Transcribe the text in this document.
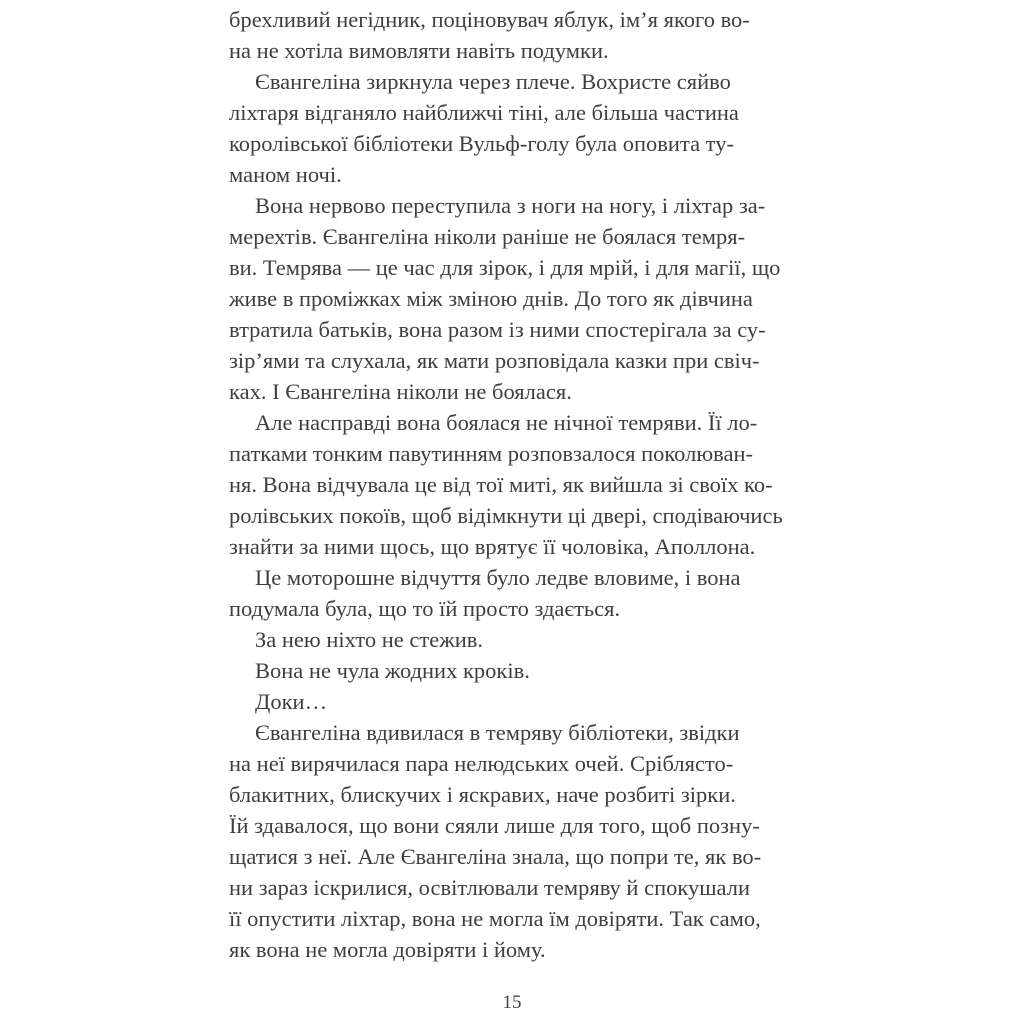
брехливий негідник, поціновувач яблук, ім’я якого во-
на не хотіла вимовляти навіть подумки.
Євангеліна зиркнула через плече. Вохристе сяйво
ліхтаря відганяло найближчі тіні, але більша частина
королівської бібліотеки Вульф-голу була оповита ту-
маном ночі.
Вона нервово переступила з ноги на ногу, і ліхтар за-
мерехтів. Євангеліна ніколи раніше не боялася темря-
ви. Темрява — це час для зірок, і для мрій, і для магії, що
живе в проміжках між зміною днів. До того як дівчина
втратила батьків, вона разом із ними спостерігала за су-
зір’ями та слухала, як мати розповідала казки при свіч-
ках. І Євангеліна ніколи не боялася.
Але насправді вона боялася не нічної темряви. Її ло-
патками тонким павутинням розповзалося поколюван-
ня. Вона відчувала це від тої миті, як вийшла зі своїх ко-
ролівських покоїв, щоб відімкнути ці двері, сподіваючись
знайти за ними щось, що врятує її чоловіка, Аполлона.
Це моторошне відчуття було ледве вловиме, і вона
подумала була, що то їй просто здається.
За нею ніхто не стежив.
Вона не чула жодних кроків.
Доки…
Євангеліна вдивилася в темряву бібліотеки, звідки
на неї вирячилася пара нелюдських очей. Сріблясто-
блакитних, блискучих і яскравих, наче розбиті зірки.
Їй здавалося, що вони сяяли лише для того, щоб позну-
щатися з неї. Але Євангеліна знала, що попри те, як во-
ни зараз іскрилися, освітлювали темряву й спокушали
її опустити ліхтар, вона не могла їм довіряти. Так само,
як вона не могла довіряти і йому.
15
